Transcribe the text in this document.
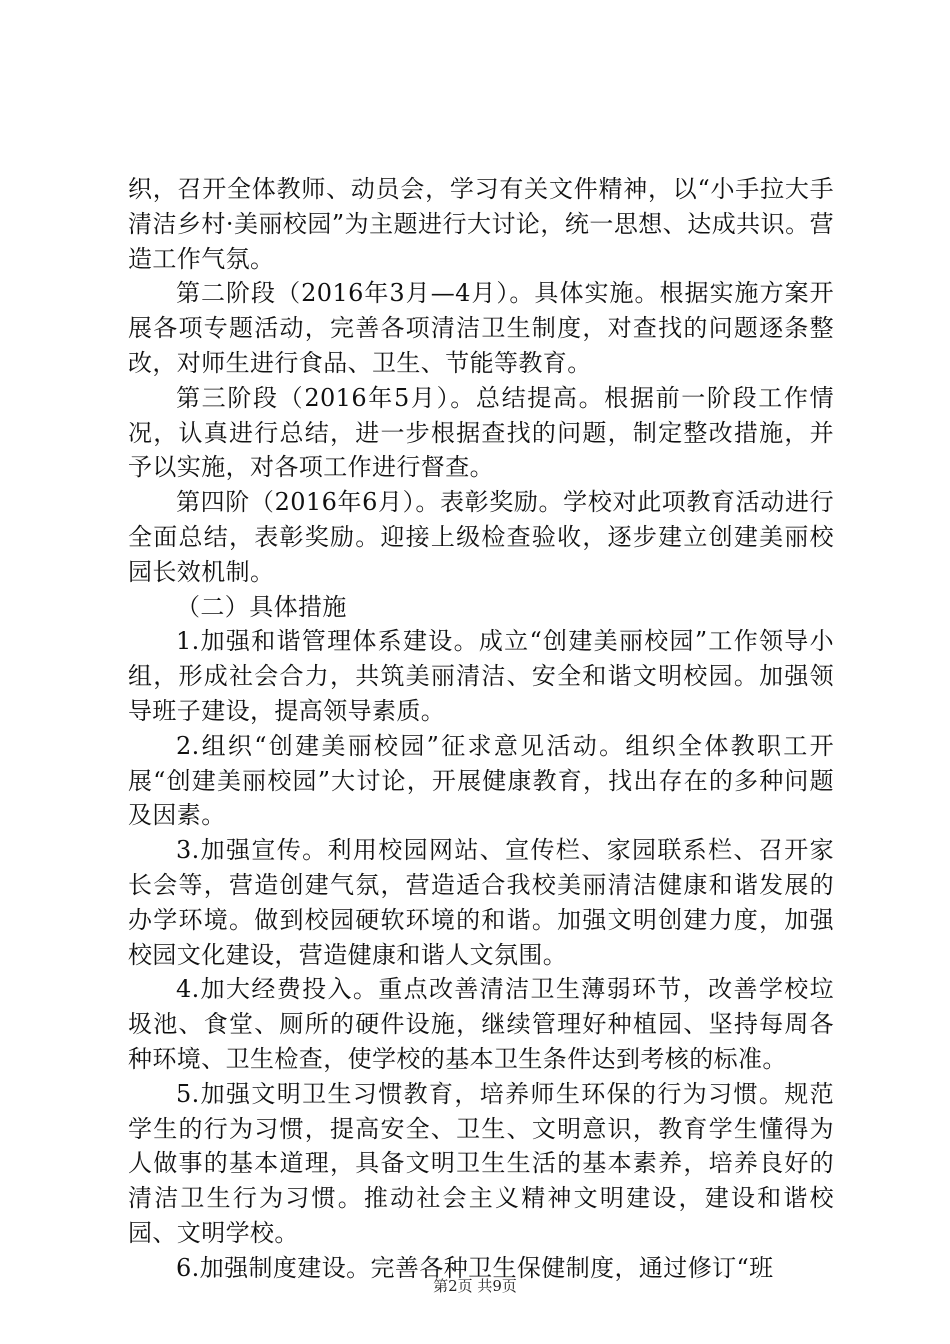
织，召开全体教师、动员会，学习有关文件精神，以“小手拉大手清洁乡村·美丽校园”为主题进行大讨论，统一思想、达成共识。营造工作气氛。

第二阶段（2016年3月—4月）。具体实施。根据实施方案开展各项专题活动，完善各项清洁卫生制度，对查找的问题逐条整改，对师生进行食品、卫生、节能等教育。

第三阶段（2016年5月）。总结提高。根据前一阶段工作情况，认真进行总结，进一步根据查找的问题，制定整改措施，并予以实施，对各项工作进行督查。

第四阶（2016年6月）。表彰奖励。学校对此项教育活动进行全面总结，表彰奖励。迎接上级检查验收，逐步建立创建美丽校园长效机制。

（二）具体措施

1.加强和谐管理体系建设。成立“创建美丽校园”工作领导小组，形成社会合力，共筑美丽清洁、安全和谐文明校园。加强领导班子建设，提高领导素质。

2.组织“创建美丽校园”征求意见活动。组织全体教职工开展“创建美丽校园”大讨论，开展健康教育，找出存在的多种问题及因素。

3.加强宣传。利用校园网站、宣传栏、家园联系栏、召开家长会等，营造创建气氛，营造适合我校美丽清洁健康和谐发展的办学环境。做到校园硬软环境的和谐。加强文明创建力度，加强校园文化建设，营造健康和谐人文氛围。

4.加大经费投入。重点改善清洁卫生薄弱环节，改善学校垃圾池、食堂、厕所的硬件设施，继续管理好种植园、坚持每周各种环境、卫生检查，使学校的基本卫生条件达到考核的标准。

5.加强文明卫生习惯教育，培养师生环保的行为习惯。规范学生的行为习惯，提高安全、卫生、文明意识，教育学生懂得为人做事的基本道理，具备文明卫生生活的基本素养，培养良好的清洁卫生行为习惯。推动社会主义精神文明建设，建设和谐校园、文明学校。

6.加强制度建设。完善各种卫生保健制度，通过修订“班

第2页 共9页
